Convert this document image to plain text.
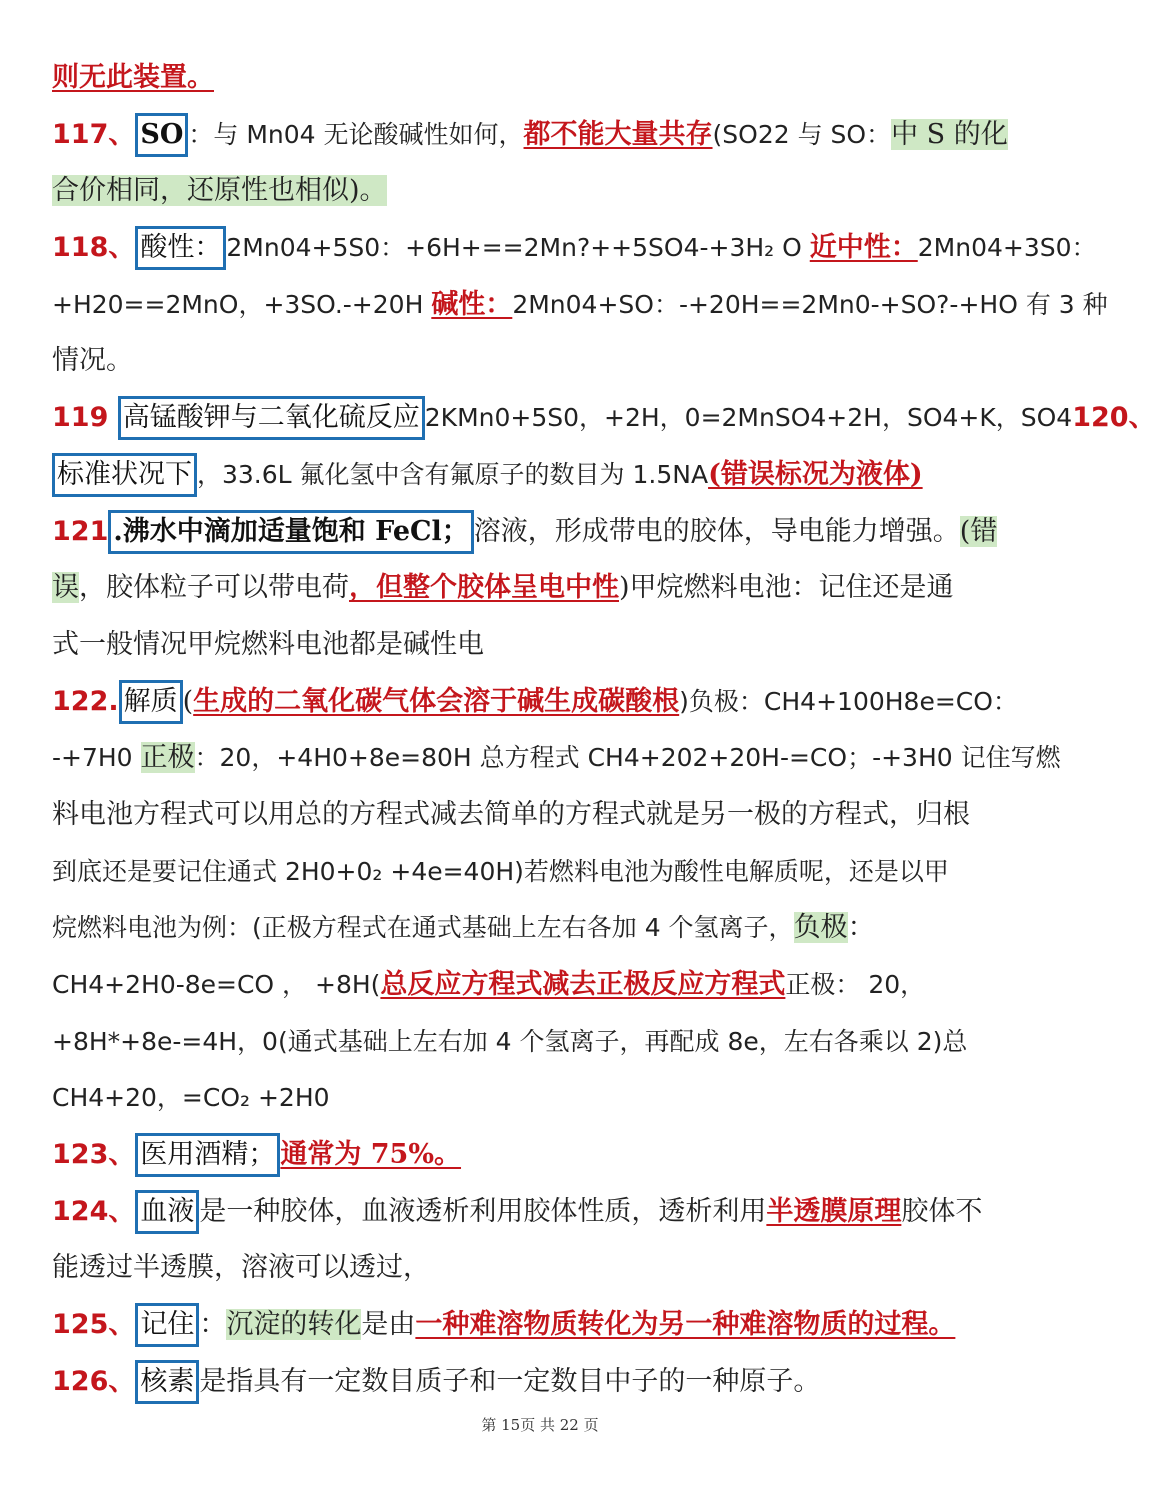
则无此装置。
117、 SO ：与 Mn04 无论酸碱性如何，都不能大量共存(SO22 与 SO：中 S 的化
合价相同，还原性也相似)。
118、 酸性： 2Mn04+5S0：+6H+==2Mn?++5SO4-+3H₂ O 近中性：2Mn04+3S0：
+H20==2MnO，+3SO.-+20H 碱性：2Mn04+SO：-+20H==2Mn0-+SO?-+HO 有 3 种
情况。
119 高锰酸钾与二氧化硫反应 2KMn0+5S0，+2H，0=2MnSO4+2H，SO4+K，SO4120、
标准状况下 ，33.6L 氟化氢中含有氟原子的数目为 1.5NA(错误标况为液体)
121 .沸水中滴加适量饱和 FeCl； 溶液，形成带电的胶体，导电能力增强。(错
误，胶体粒子可以带电荷，但整个胶体呈电中性)甲烷燃料电池：记住还是通
式一般情况甲烷燃料电池都是碱性电
122. 解质 (生成的二氧化碳气体会溶于碱生成碳酸根)负极：CH4+100H8e=CO：
-+7H0 正极：20，+4H0+8e=80H 总方程式 CH4+202+20H-=CO；-+3H0 记住写燃
料电池方程式可以用总的方程式减去简单的方程式就是另一极的方程式，归根
到底还是要记住通式 2H0+0₂ +4e=40H)若燃料电池为酸性电解质呢，还是以甲
烷燃料电池为例：(正极方程式在通式基础上左右各加 4 个氢离子，负极：
CH4+2H0-8e=CO ， +8H(总反应方程式减去正极反应方程式正极： 20，
+8H*+8e-=4H，0(通式基础上左右加 4 个氢离子，再配成 8e，左右各乘以 2)总
CH4+20，=CO₂ +2H0
123、 医用酒精； 通常为 75%。
124、 血液 是一种胶体，血液透析利用胶体性质，透析利用半透膜原理胶体不
能透过半透膜，溶液可以透过，
125、 记住 ：沉淀的转化是由一种难溶物质转化为另一种难溶物质的过程。
126、 核素 是指具有一定数目质子和一定数目中子的一种原子。
第 15页 共 22 页
